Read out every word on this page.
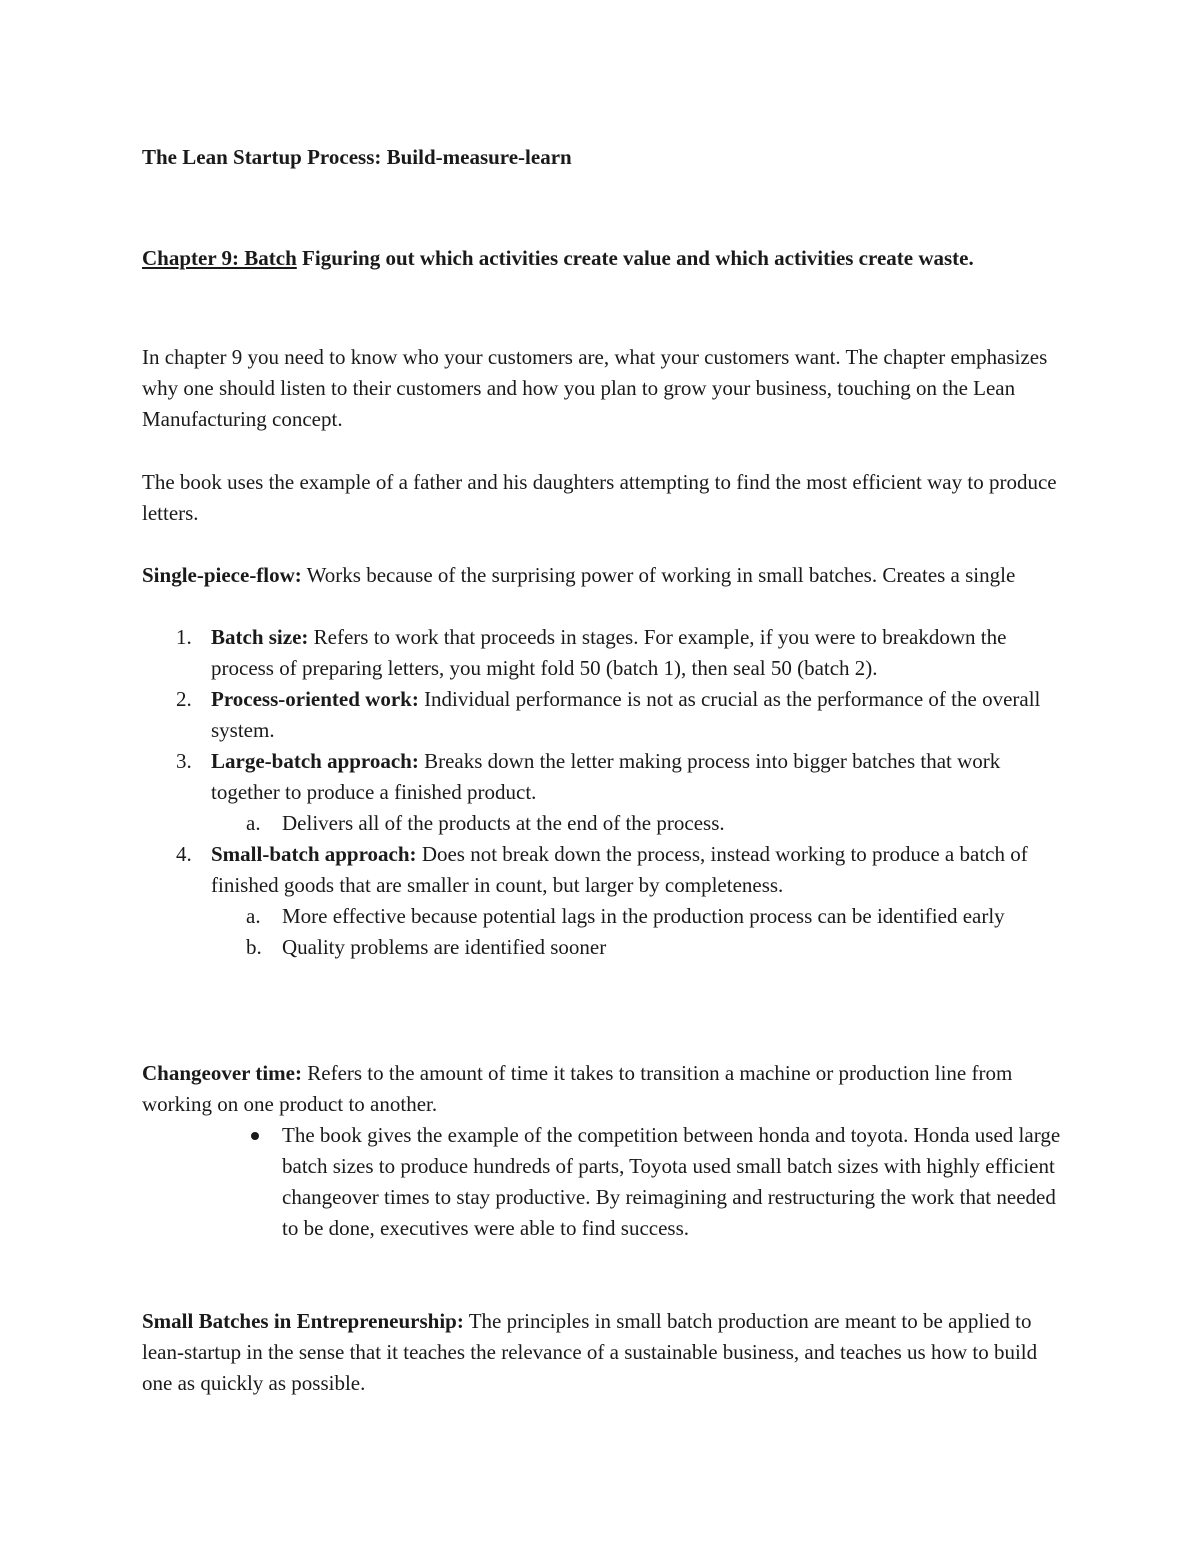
The Lean Startup Process: Build-measure-learn

Chapter 9: Batch Figuring out which activities create value and which activities create waste.

In chapter 9 you need to know who your customers are, what your customers want. The chapter emphasizes why one should listen to their customers and how you plan to grow your business, touching on the Lean Manufacturing concept.

The book uses the example of a father and his daughters attempting to find the most efficient way to produce letters.

Single-piece-flow: Works because of the surprising power of working in small batches. Creates a single

1. Batch size: Refers to work that proceeds in stages. For example, if you were to breakdown the process of preparing letters, you might fold 50 (batch 1), then seal 50 (batch 2).
2. Process-oriented work: Individual performance is not as crucial as the performance of the overall system.
3. Large-batch approach: Breaks down the letter making process into bigger batches that work together to produce a finished product.
a. Delivers all of the products at the end of the process.
4. Small-batch approach: Does not break down the process, instead working to produce a batch of finished goods that are smaller in count, but larger by completeness.
a. More effective because potential lags in the production process can be identified early
b. Quality problems are identified sooner

Changeover time: Refers to the amount of time it takes to transition a machine or production line from working on one product to another.

The book gives the example of the competition between honda and toyota. Honda used large batch sizes to produce hundreds of parts, Toyota used small batch sizes with highly efficient changeover times to stay productive. By reimagining and restructuring the work that needed to be done, executives were able to find success.

Small Batches in Entrepreneurship: The principles in small batch production are meant to be applied to lean-startup in the sense that it teaches the relevance of a sustainable business, and teaches us how to build one as quickly as possible.
